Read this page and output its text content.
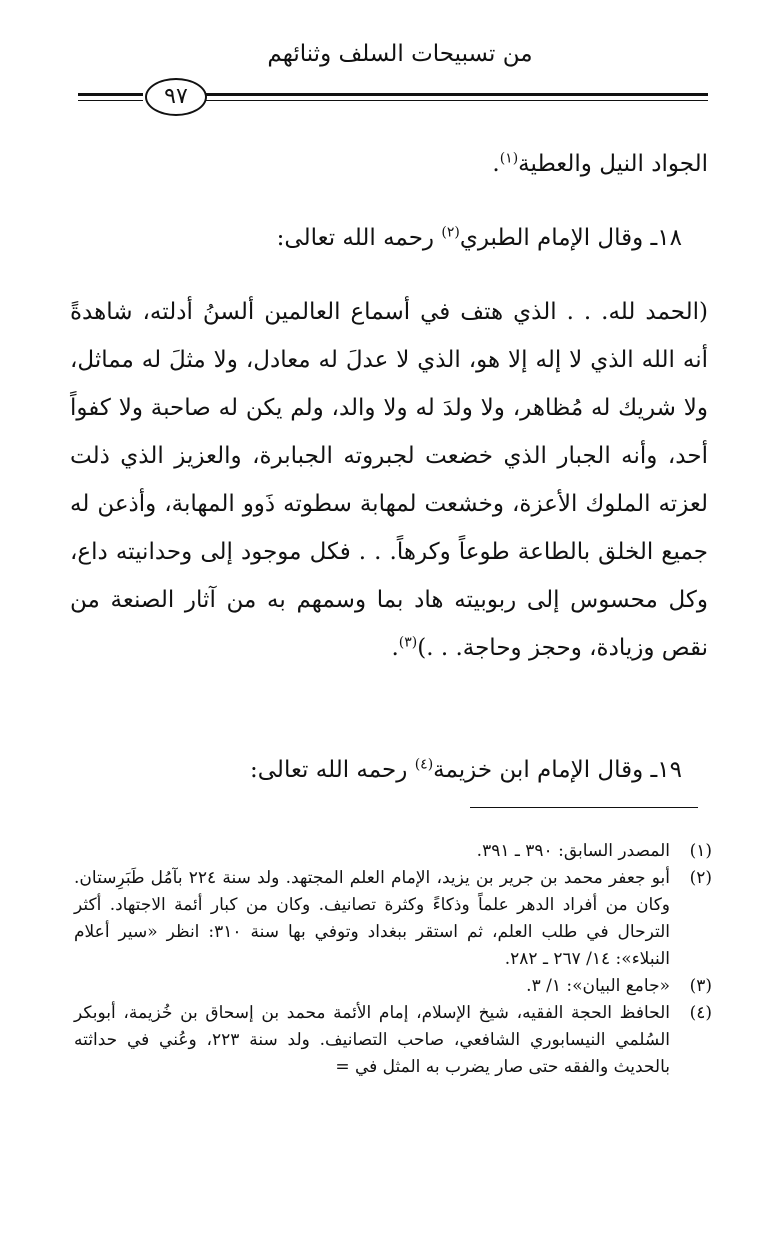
من تسبيحات السلف وثنائهم
٩٧
الجواد النيل والعطية$^{(١)}$.
١٨ـ وقال الإمام الطبري$^{(٢)}$ رحمه الله تعالى:
(الحمد لله. . . الذي هتف في أسماع العالمين ألسنُ أدلته، شاهدةً أنه الله الذي لا إله إلا هو، الذي لا عدلَ له معادل، ولا مثلَ له مماثل، ولا شريك له مُظاهر، ولا ولدَ له ولا والد، ولم يكن له صاحبة ولا كفواً أحد، وأنه الجبار الذي خضعت لجبروته الجبابرة، والعزيز الذي ذلت لعزته الملوك الأعزة، وخشعت لمهابة سطوته ذَوو المهابة، وأذعن له جميع الخلق بالطاعة طوعاً وكرهاً. . . فكل موجود إلى وحدانيته داع، وكل محسوس إلى ربوبيته هاد بما وسمهم به من آثار الصنعة من نقص وزيادة، وحجز وحاجة. . .)$^{(٣)}$.
١٩ـ وقال الإمام ابن خزيمة$^{(٤)}$ رحمه الله تعالى:
(١)
المصدر السابق: ٣٩٠ ـ ٣٩١.
(٢)
أبو جعفر محمد بن جرير بن يزيد، الإمام العلم المجتهد. ولد سنة ٢٢٤ بآمُل طَبَرِستان. وكان من أفراد الدهر علماً وذكاءً وكثرة تصانيف. وكان من كبار أئمة الاجتهاد. أكثر الترحال في طلب العلم، ثم استقر ببغداد وتوفي بها سنة ٣١٠: انظر «سير أعلام النبلاء»: ١٤/ ٢٦٧ ـ ٢٨٢.
(٣)
«جامع البيان»: ١/ ٣.
(٤)
الحافظ الحجة الفقيه، شيخ الإسلام، إمام الأئمة محمد بن إسحاق بن خُزيمة، أبوبكر السُلمي النيسابوري الشافعي، صاحب التصانيف. ولد سنة ٢٢٣، وعُني في حداثته بالحديث والفقه حتى صار يضرب به المثل في =
